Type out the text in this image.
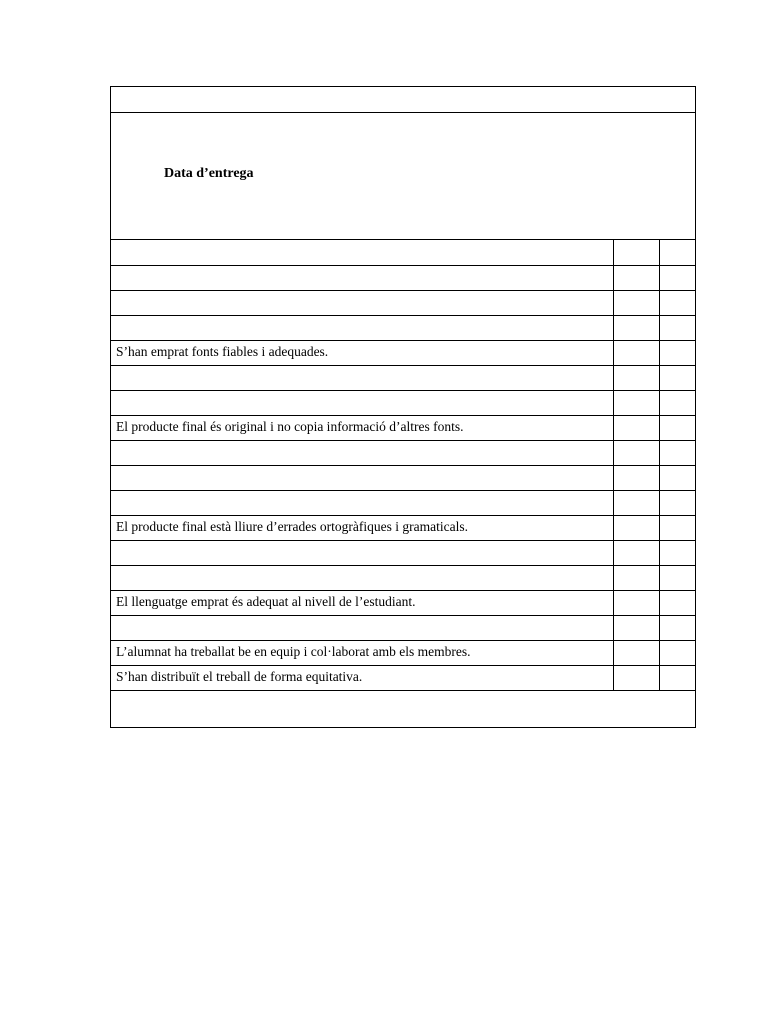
Data d’entrega

S’han emprat fonts fiables i adequades.		

El producte final és original i no copia informació d’altres fonts.		

El producte final està lliure d’errades ortogràfiques i gramaticals.		

El llenguatge emprat és adequat al nivell de l’estudiant.		

L’alumnat ha treballat be en equip i col·laborat amb els membres.		

S’han distribuït el treball de forma equitativa.		
